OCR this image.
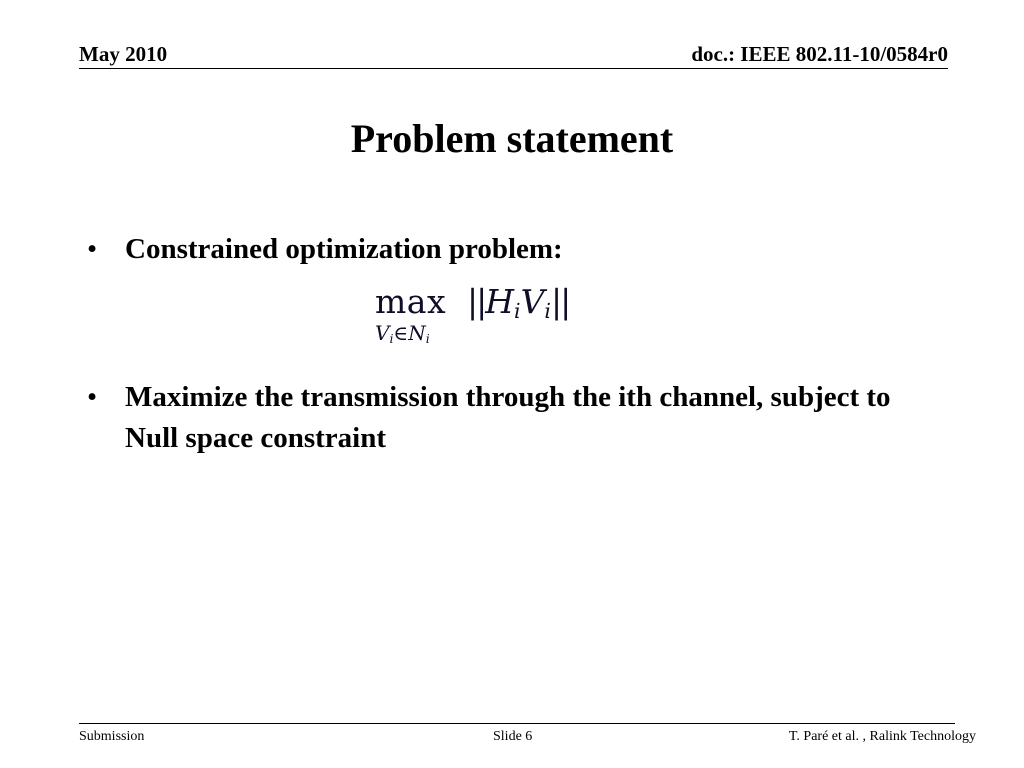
May 2010	doc.: IEEE 802.11-10/0584r0
Problem statement
• Constrained optimization problem:
max
$V_i\in N_i$
$||H_iV_i||$
• Maximize the transmission through the ith channel, subject to Null space constraint
Submission	Slide 6	T. Paré et al. , Ralink Technology
